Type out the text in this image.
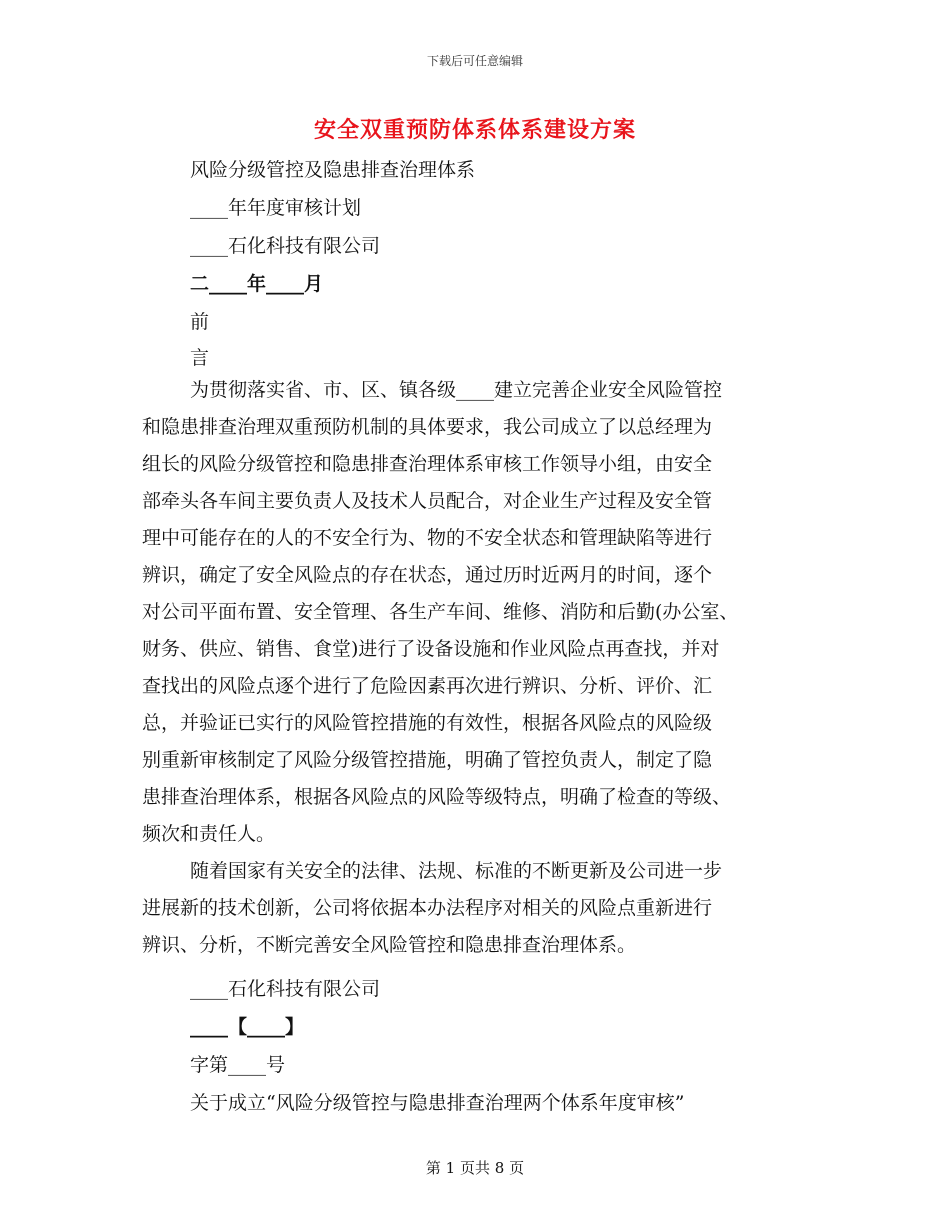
下载后可任意编辑
安全双重预防体系体系建设方案
风险分级管控及隐患排查治理体系
____年年度审核计划
____石化科技有限公司
二____年____月
前
言
为贯彻落实省、市、区、镇各级____建立完善企业安全风险管控
和隐患排查治理双重预防机制的具体要求，我公司成立了以总经理为
组长的风险分级管控和隐患排查治理体系审核工作领导小组，由安全
部牵头各车间主要负责人及技术人员配合，对企业生产过程及安全管
理中可能存在的人的不安全行为、物的不安全状态和管理缺陷等进行
辨识，确定了安全风险点的存在状态，通过历时近两月的时间，逐个
对公司平面布置、安全管理、各生产车间、维修、消防和后勤(办公室、
财务、供应、销售、食堂)进行了设备设施和作业风险点再查找，并对
查找出的风险点逐个进行了危险因素再次进行辨识、分析、评价、汇
总，并验证已实行的风险管控措施的有效性，根据各风险点的风险级
别重新审核制定了风险分级管控措施，明确了管控负责人，制定了隐
患排查治理体系，根据各风险点的风险等级特点，明确了检查的等级、
频次和责任人。
随着国家有关安全的法律、法规、标准的不断更新及公司进一步
进展新的技术创新，公司将依据本办法程序对相关的风险点重新进行
辨识、分析，不断完善安全风险管控和隐患排查治理体系。
____石化科技有限公司
____【____】
字第____号
关于成立“风险分级管控与隐患排查治理两个体系年度审核”
第 1 页共 8 页
